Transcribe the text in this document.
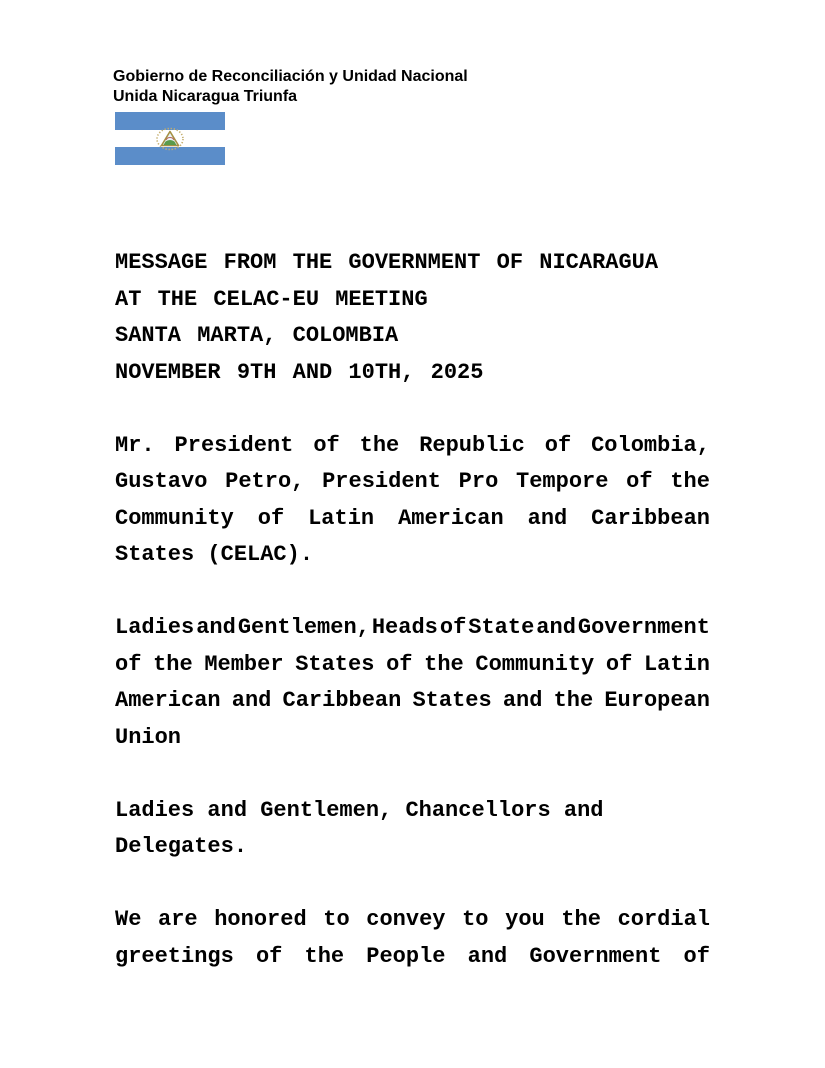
Gobierno de Reconciliación y Unidad Nacional
Unida Nicaragua Triunfa
MESSAGE FROM THE GOVERNMENT OF NICARAGUA
AT THE CELAC-EU MEETING
SANTA MARTA, COLOMBIA
NOVEMBER 9TH AND 10TH, 2025
Mr. President of the Republic of Colombia,
Gustavo Petro, President Pro Tempore of the
Community of Latin American and Caribbean
States (CELAC).
Ladies and Gentlemen, Heads of State and Government
of the Member States of the Community of Latin
American and Caribbean States and the European
Union
Ladies and Gentlemen, Chancellors and
Delegates.
We are honored to convey to you the cordial
greetings of the People and Government of
